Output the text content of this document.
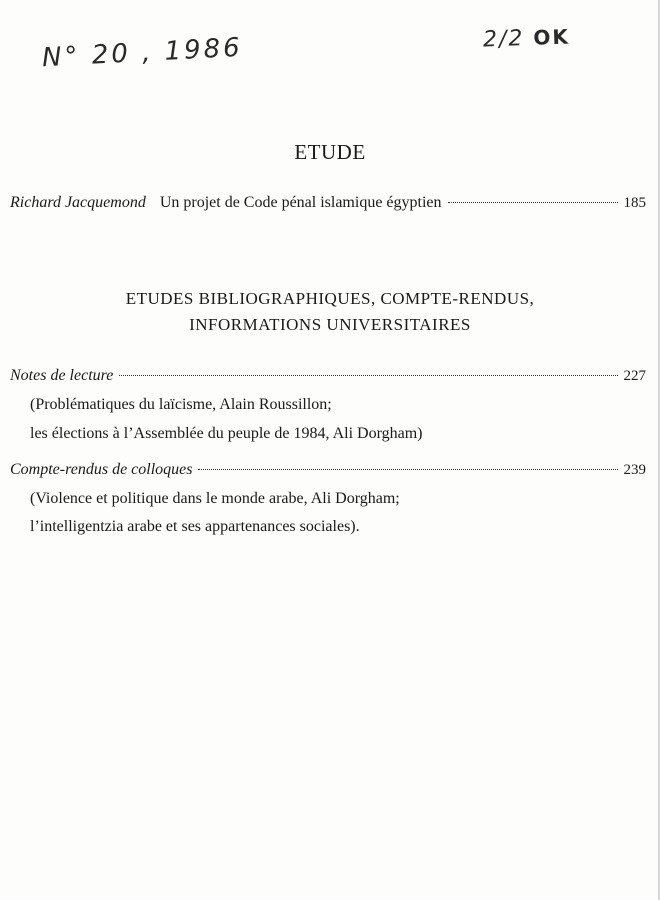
N° 20 , 1986	2/2 OK
ETUDE
Richard Jacquemond Un projet de Code pénal islamique égyptien	185
ETUDES BIBLIOGRAPHIQUES, COMPTE-RENDUS,
INFORMATIONS UNIVERSITAIRES
Notes de lecture	227
(Problématiques du laïcisme, Alain Roussillon;
les élections à l’Assemblée du peuple de 1984, Ali Dorgham)
Compte-rendus de colloques	239
(Violence et politique dans le monde arabe, Ali Dorgham;
l’intelligentzia arabe et ses appartenances sociales).
